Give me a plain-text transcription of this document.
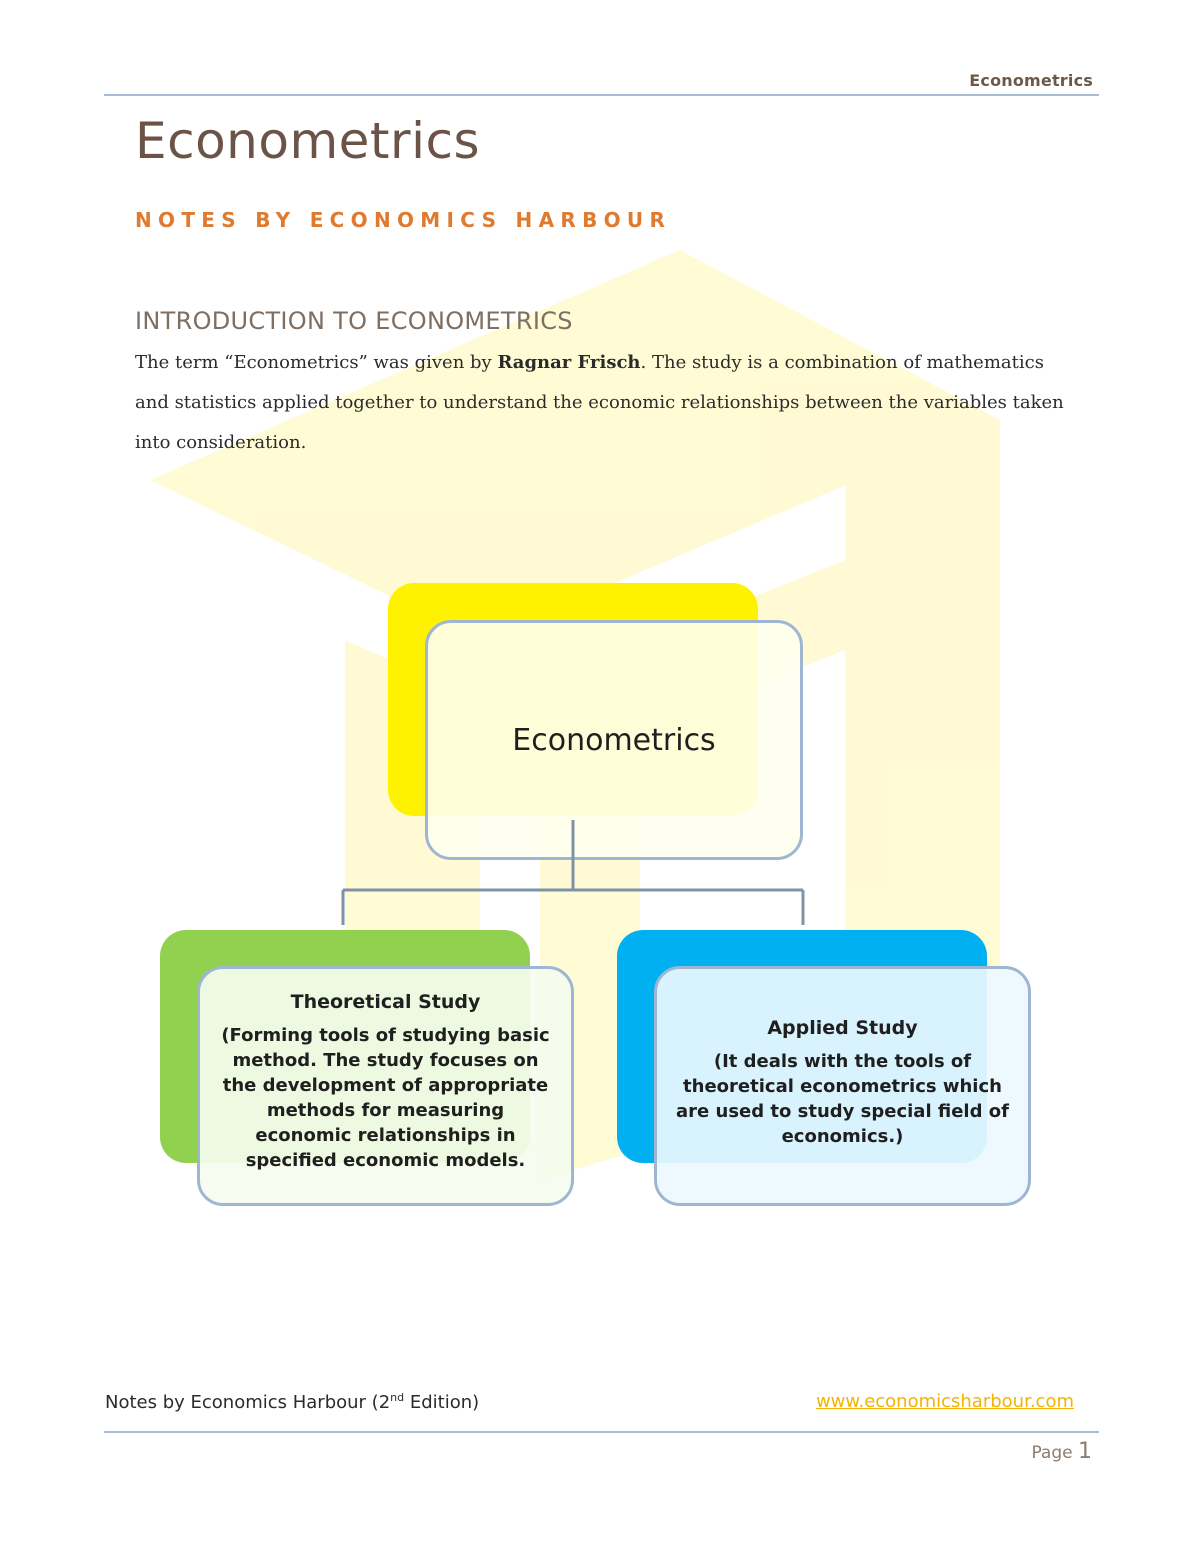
Econometrics
Econometrics
NOTES BY ECONOMICS HARBOUR
INTRODUCTION TO ECONOMETRICS
The term “Econometrics” was given by Ragnar Frisch. The study is a combination of mathematics and statistics applied together to understand the economic relationships between the variables taken into consideration.
Econometrics
Theoretical Study
(Forming tools of studying basic method. The study focuses on the development of appropriate methods for measuring economic relationships in specified economic models.
Applied Study
(It deals with the tools of theoretical econometrics which are used to study special field of economics.)
Notes by Economics Harbour (2nd Edition)	www.economicsharbour.com
Page 1
